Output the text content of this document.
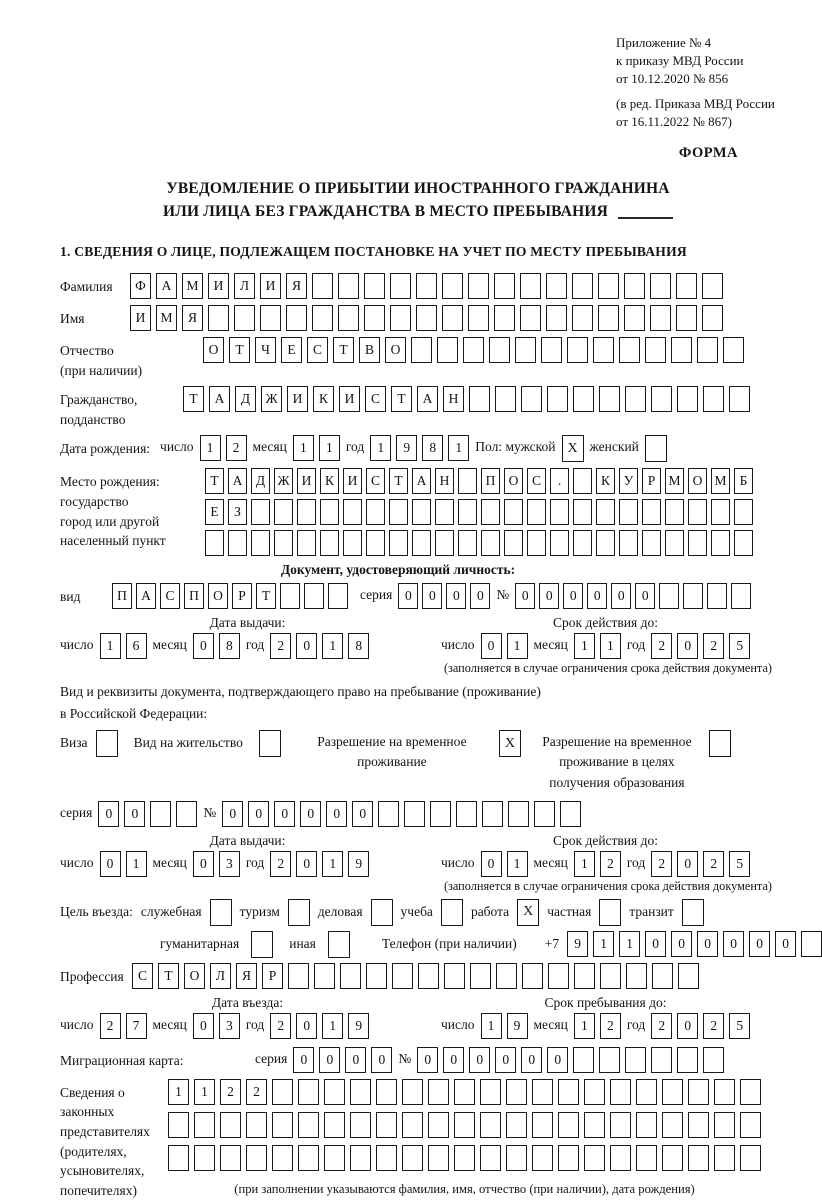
Приложение № 4
к приказу МВД России
от 10.12.2020 № 856
(в ред. Приказа МВД России
от 16.11.2022 № 867)
ФОРМА
УВЕДОМЛЕНИЕ О ПРИБЫТИИ ИНОСТРАННОГО ГРАЖДАНИНА
ИЛИ ЛИЦА БЕЗ ГРАЖДАНСТВА В МЕСТО ПРЕБЫВАНИЯ
1. СВЕДЕНИЯ О ЛИЦЕ, ПОДЛЕЖАЩЕМ ПОСТАНОВКЕ НА УЧЕТ ПО МЕСТУ ПРЕБЫВАНИЯ
Фамилия	Ф	А	М	И	Л	И	Я
Имя	И	М	Я
Отчество
(при наличии)
О	Т	Ч	Е	С	Т	В	О
Гражданство,
подданство
Т	А	Д	Ж	И	К	И	С	Т	А	Н
Дата рождения: число 1	2 месяц 1	1 год 1	9	8	1 Пол: мужской X женский
Место рождения:
государство
город или другой
населенный пункт
Т	А	Д Ж И	К	И	С	Т	А Н	П О	С	.	К	У	Р М О М Б
Е	З
Документ, удостоверяющий личность:
вид	П	А	С	П	О	Р	Т	серия 0	0	0	0 № 0	0	0	0	0	0
Дата выдачи:
число 1	6 месяц 0	8 год 2	0	1	8
Срок действия до:
число 0	1 месяц 1	1 год 2	0	2	5
(заполняется в случае ограничения срока действия документа)
Вид и реквизиты документа, подтверждающего право на пребывание (проживание)
в Российской Федерации:
Виза	Вид на жительство	Разрешение на временное проживание
X	Разрешение на временное проживание в целях получения образования
серия 0	0	№ 0	0	0	0	0	0
Дата выдачи:
число 0	1 месяц 0	3 год 2	0	1	9
Срок действия до:
число 0	1 месяц 1	2 год 2	0	2	5
(заполняется в случае ограничения срока действия документа)
Цель въезда: служебная	туризм	деловая	учеба	работа X частная	транзит
гуманитарная	иная	Телефон (при наличии) +7	9	1	1	0	0	0	0	0	0
Профессия	С	Т	О	Л	Я	Р
Дата въезда:
число 2	7 месяц 0	3 год 2	0	1	9
Срок пребывания до:
число 1	9 месяц 1	2 год 2	0	2	5
Миграционная карта:	серия 0	0	0	0 № 0	0	0	0	0	0
Сведения о
законных
представителях
(родителях,
усыновителях,
попечителях)
1	1	2	2
(при заполнении указываются фамилия, имя, отчество (при наличии), дата рождения)
